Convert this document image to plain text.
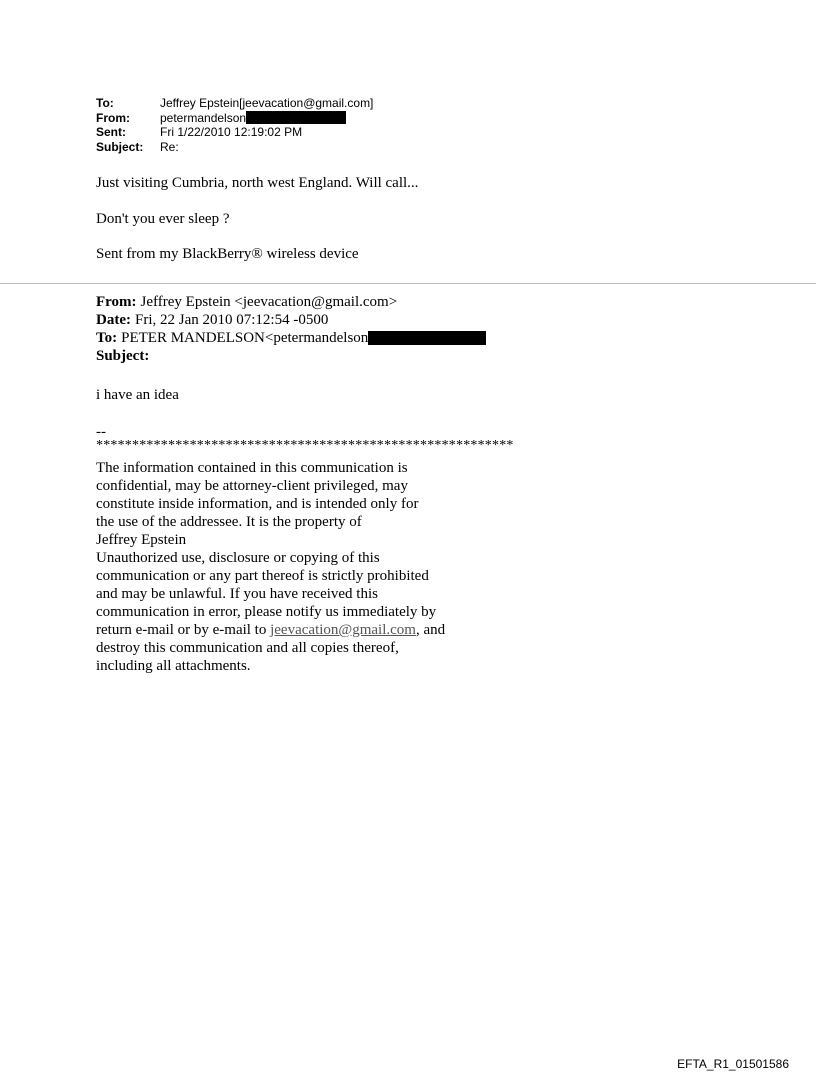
To:	Jeffrey Epstein[jeevacation@gmail.com]
From:	petermandelson
Sent:	Fri 1/22/2010 12:19:02 PM
Subject:	Re:
Just visiting Cumbria, north west England. Will call...
Don't you ever sleep ?
Sent from my BlackBerry® wireless device
From: Jeffrey Epstein <jeevacation@gmail.com>
Date: Fri, 22 Jan 2010 07:12:54 -0500
To: PETER MANDELSON<petermandelson
Subject:
i have an idea
--
**********************************************************
The information contained in this communication is
confidential, may be attorney-client privileged, may
constitute inside information, and is intended only for
the use of the addressee. It is the property of
Jeffrey Epstein
Unauthorized use, disclosure or copying of this
communication or any part thereof is strictly prohibited
and may be unlawful. If you have received this
communication in error, please notify us immediately by
return e-mail or by e-mail to jeevacation@gmail.com, and
destroy this communication and all copies thereof,
including all attachments.
EFTA_R1_01501586
